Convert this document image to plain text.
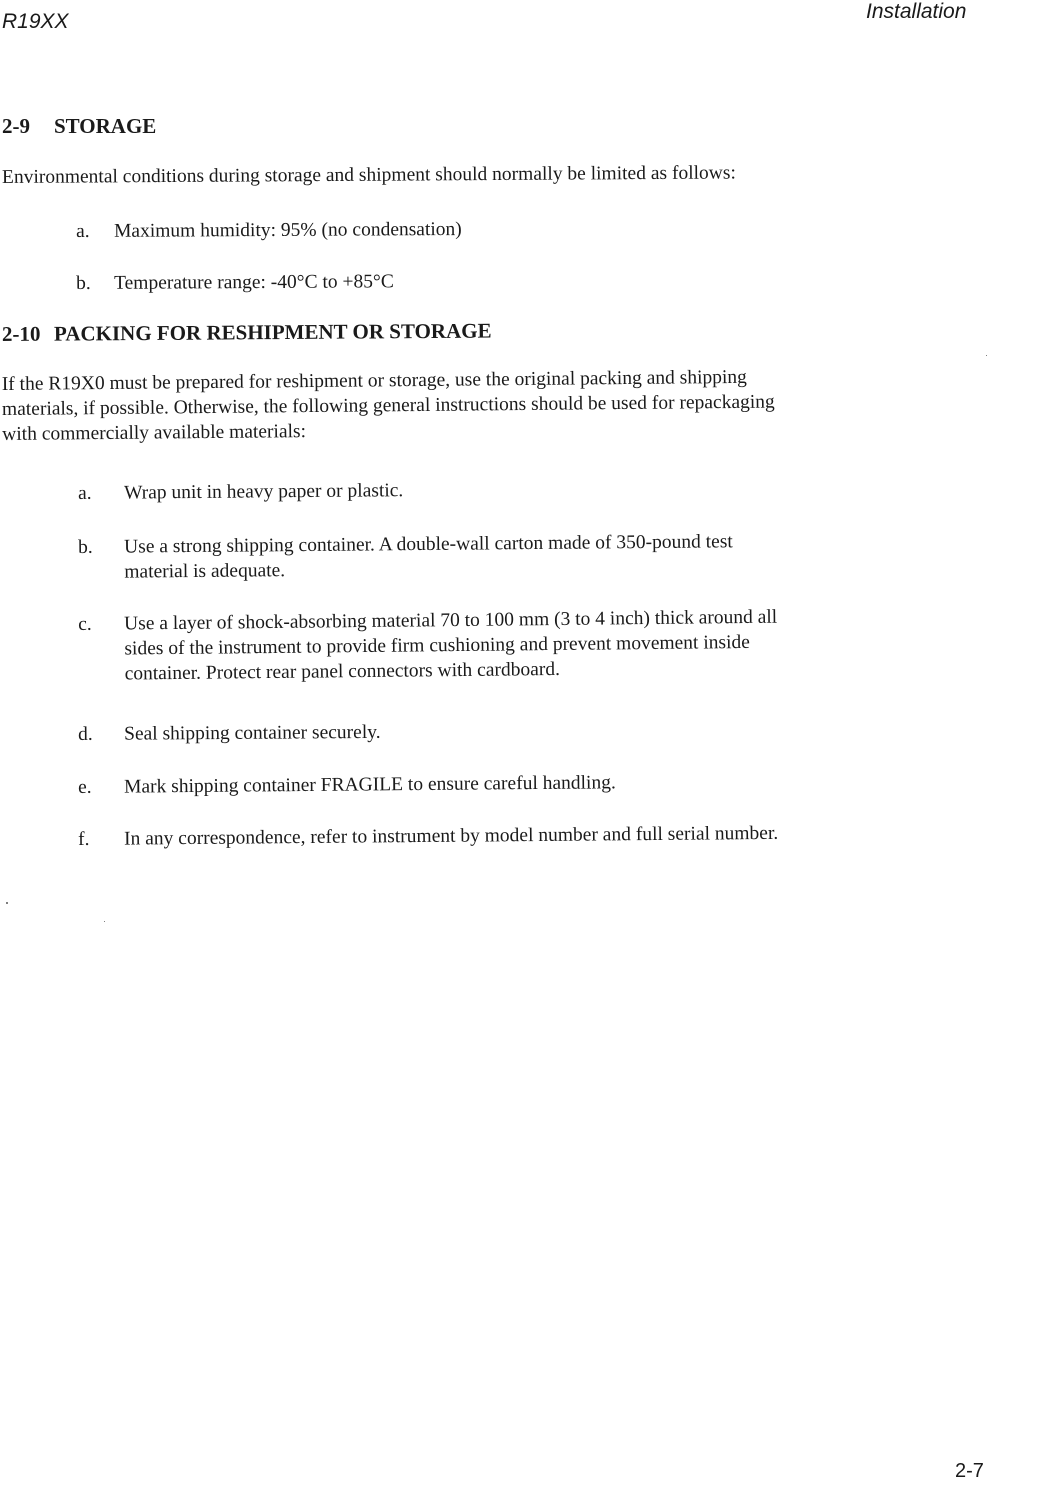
R19XX	Installation
2-9 STORAGE
Environmental conditions during storage and shipment should normally be limited as follows:
a. Maximum humidity: 95% (no condensation)
b. Temperature range: -40°C to +85°C
2-10 PACKING FOR RESHIPMENT OR STORAGE
If the R19X0 must be prepared for reshipment or storage, use the original packing and shipping
materials, if possible. Otherwise, the following general instructions should be used for repackaging
with commercially available materials:
a. Wrap unit in heavy paper or plastic.
b. Use a strong shipping container. A double-wall carton made of 350-pound test
material is adequate.
c. Use a layer of shock-absorbing material 70 to 100 mm (3 to 4 inch) thick around all
sides of the instrument to provide firm cushioning and prevent movement inside
container. Protect rear panel connectors with cardboard.
d. Seal shipping container securely.
e. Mark shipping container FRAGILE to ensure careful handling.
f. In any correspondence, refer to instrument by model number and full serial number.
2-7
